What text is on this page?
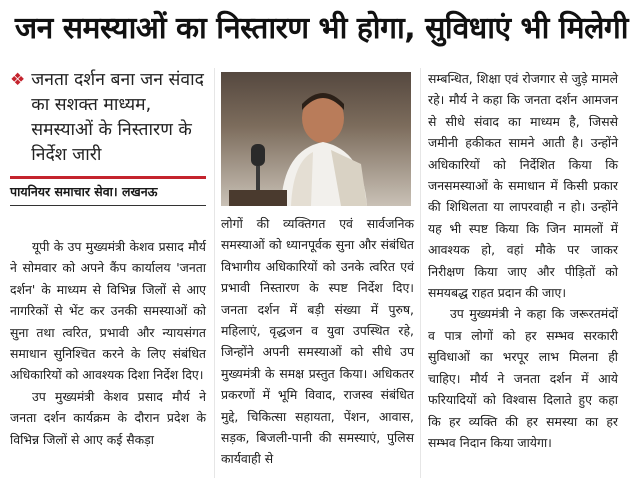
जन समस्याओं का निस्तारण भी होगा, सुविधाएं भी मिलेगी
❖ जनता दर्शन बना जन संवाद का सशक्त माध्यम, समस्याओं के निस्तारण के निर्देश जारी
पायनियर समाचार सेवा। लखनऊ

यूपी के उप मुख्यमंत्री केशव प्रसाद मौर्य ने सोमवार को अपने कैंप कार्यालय 'जनता दर्शन' के माध्यम से विभिन्न जिलों से आए नागरिकों से भेंट कर उनकी समस्याओं को सुना तथा त्वरित, प्रभावी और न्यायसंगत समाधान सुनिश्चित करने के लिए संबंधित अधिकारियों को आवश्यक दिशा निर्देश दिए।

उप मुख्यमंत्री केशव प्रसाद मौर्य ने जनता दर्शन कार्यक्रम के दौरान प्रदेश के विभिन्न जिलों से आए कई सैकड़ा

लोगों की व्यक्तिगत एवं सार्वजनिक समस्याओं को ध्यानपूर्वक सुना और संबंधित विभागीय अधिकारियों को उनके त्वरित एवं प्रभावी निस्तारण के स्पष्ट निर्देश दिए। जनता दर्शन में बड़ी संख्या में पुरुष, महिलाएं, वृद्धजन व युवा उपस्थित रहे, जिन्होंने अपनी समस्याओं को सीधे उप मुख्यमंत्री के समक्ष प्रस्तुत किया। अधिकतर प्रकरणों में भूमि विवाद, राजस्व संबंधित मुद्दे, चिकित्सा सहायता, पेंशन, आवास, सड़क, बिजली-पानी की समस्याएं, पुलिस कार्यवाही से

सम्बन्धित, शिक्षा एवं रोजगार से जुड़े मामले रहे। मौर्य ने कहा कि जनता दर्शन आमजन से सीधे संवाद का माध्यम है, जिससे जमीनी हकीकत सामने आती है। उन्होंने अधिकारियों को निर्देशित किया कि जनसमस्याओं के समाधान में किसी प्रकार की शिथिलता या लापरवाही न हो। उन्होंने यह भी स्पष्ट किया कि जिन मामलों में आवश्यक हो, वहां मौके पर जाकर निरीक्षण किया जाए और पीड़ितों को समयबद्ध राहत प्रदान की जाए।

उप मुख्यमंत्री ने कहा कि जरूरतमंदों व पात्र लोगों को हर सम्भव सरकारी सुविधाओं का भरपूर लाभ मिलना ही चाहिए। मौर्य ने जनता दर्शन में आये फरियादियों को विश्वास दिलाते हुए कहा कि हर व्यक्ति की हर समस्या का हर सम्भव निदान किया जायेगा।
